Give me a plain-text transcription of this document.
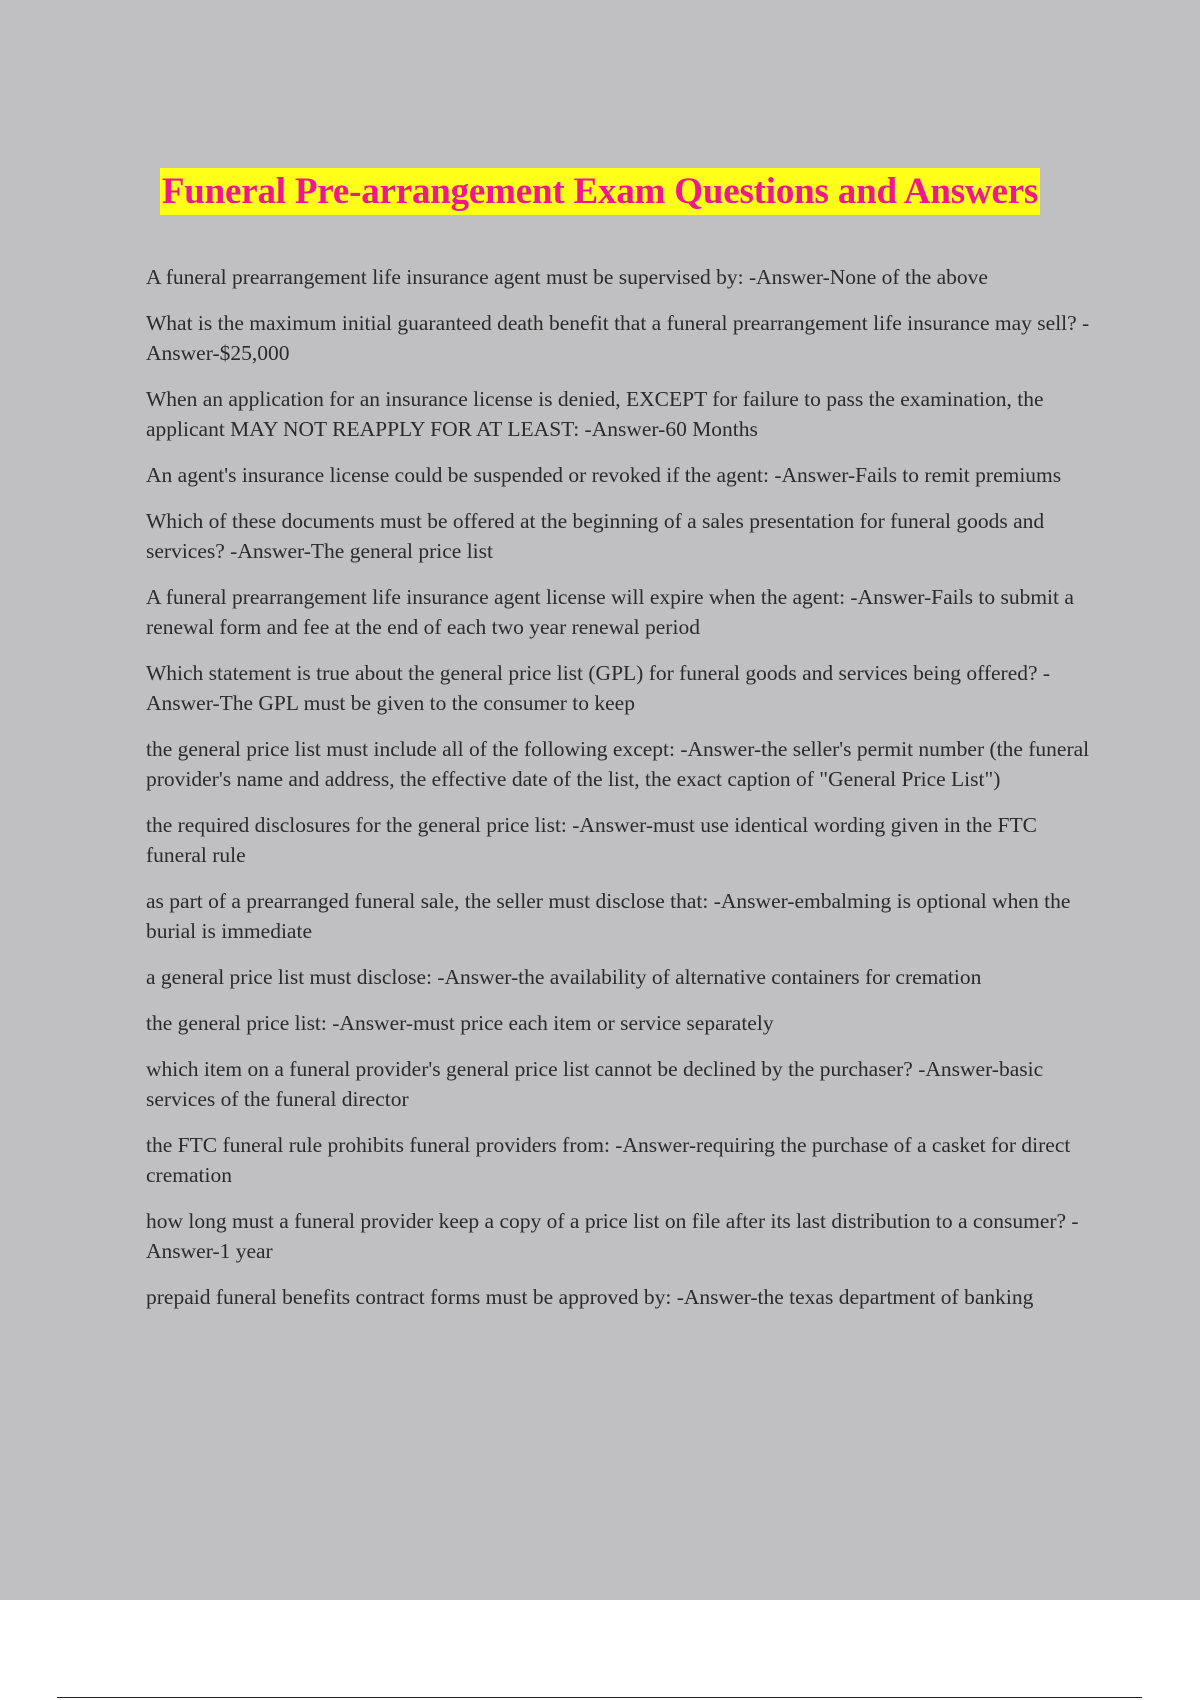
Funeral Pre-arrangement Exam Questions and Answers
A funeral prearrangement life insurance agent must be supervised by: -Answer-None of the above
What is the maximum initial guaranteed death benefit that a funeral prearrangement life insurance may sell? -Answer-$25,000
When an application for an insurance license is denied, EXCEPT for failure to pass the examination, the applicant MAY NOT REAPPLY FOR AT LEAST: -Answer-60 Months
An agent's insurance license could be suspended or revoked if the agent: -Answer-Fails to remit premiums
Which of these documents must be offered at the beginning of a sales presentation for funeral goods and services? -Answer-The general price list
A funeral prearrangement life insurance agent license will expire when the agent: -Answer-Fails to submit a renewal form and fee at the end of each two year renewal period
Which statement is true about the general price list (GPL) for funeral goods and services being offered? -Answer-The GPL must be given to the consumer to keep
the general price list must include all of the following except: -Answer-the seller's permit number (the funeral provider's name and address, the effective date of the list, the exact caption of "General Price List")
the required disclosures for the general price list: -Answer-must use identical wording given in the FTC funeral rule
as part of a prearranged funeral sale, the seller must disclose that: -Answer-embalming is optional when the burial is immediate
a general price list must disclose: -Answer-the availability of alternative containers for cremation
the general price list: -Answer-must price each item or service separately
which item on a funeral provider's general price list cannot be declined by the purchaser? -Answer-basic services of the funeral director
the FTC funeral rule prohibits funeral providers from: -Answer-requiring the purchase of a casket for direct cremation
how long must a funeral provider keep a copy of a price list on file after its last distribution to a consumer? -Answer-1 year
prepaid funeral benefits contract forms must be approved by: -Answer-the texas department of banking
